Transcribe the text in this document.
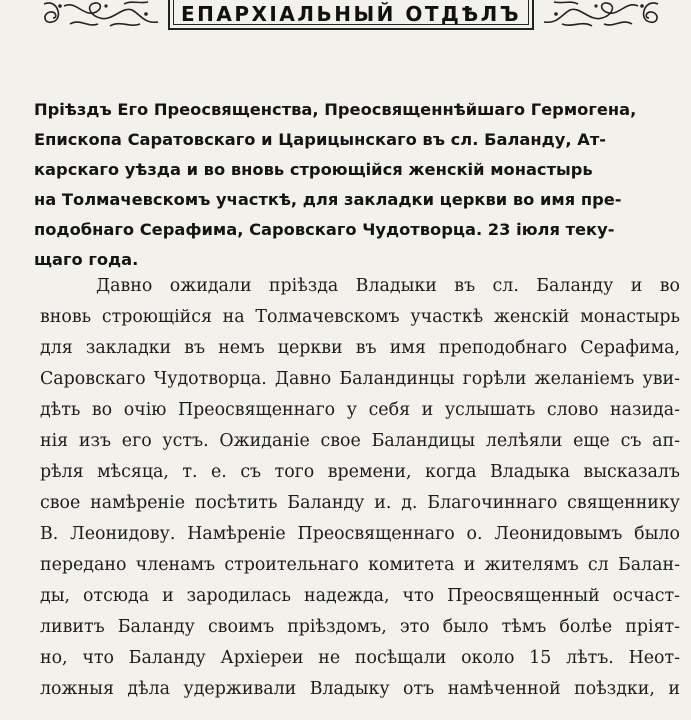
ЕПАРХІАЛЬНЫЙ ОТДѢЛЪ
Пріѣздъ Его Преосвященства, Преосвященнѣйшаго Гермогена,
Епископа Саратовскаго и Царицынскаго въ сл. Баланду, Ат-
карскаго уѣзда и во вновь строющійся женскій монастырь
на Толмачевскомъ участкѣ, для закладки церкви во имя пре-
подобнаго Серафима, Саровскаго Чудотворца. 23 іюля теку-
щаго года.
Давно ожидали пріѣзда Владыки въ сл. Баланду и во
вновь строющійся на Толмачевскомъ участкѣ женскій монастырь
для закладки въ немъ церкви въ имя преподобнаго Серафима,
Саровскаго Чудотворца. Давно Баландинцы горѣли желаніемъ уви-
дѣть во очію Преосвященнаго у себя и услышать слово назида-
нія изъ его устъ. Ожиданіе свое Баландицы лелѣяли еще съ ап-
рѣля мѣсяца, т. е. съ того времени, когда Владыка высказалъ
свое намѣреніе посѣтить Баланду и. д. Благочиннаго священнику
В. Леонидову. Намѣреніе Преосвященнаго о. Леонидовымъ было
передано членамъ строительнаго комитета и жителямъ сл Балан-
ды, отсюда и зародилась надежда, что Преосвященный осчаст-
ливитъ Баланду своимъ пріѣздомъ, это было тѣмъ болѣе пріят-
но, что Баланду Архіереи не посѣщали около 15 лѣтъ. Неот-
ложныя дѣла удерживали Владыку отъ намѣченной поѣздки, и
